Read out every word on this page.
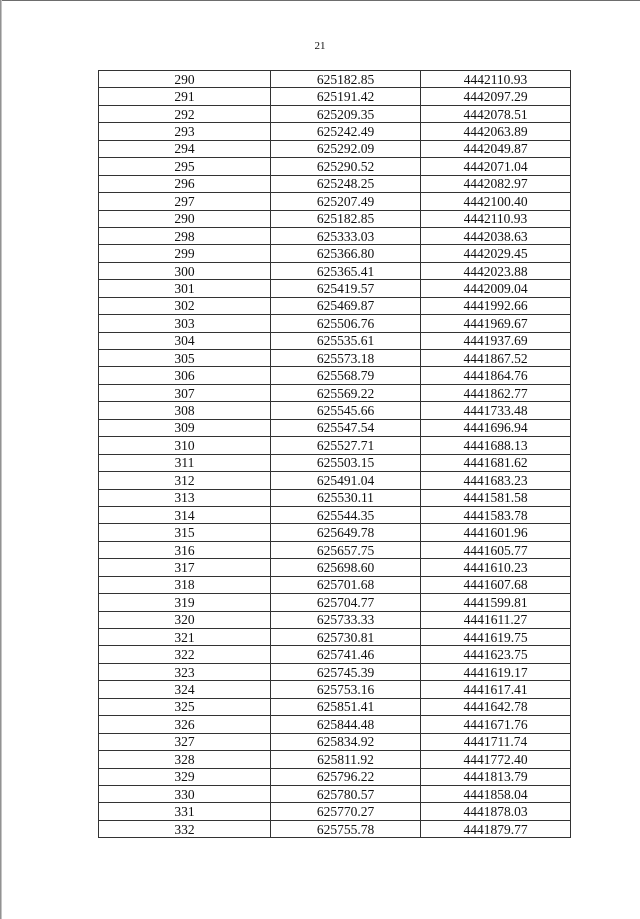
21
290	625182.85	4442110.93
291	625191.42	4442097.29
292	625209.35	4442078.51
293	625242.49	4442063.89
294	625292.09	4442049.87
295	625290.52	4442071.04
296	625248.25	4442082.97
297	625207.49	4442100.40
290	625182.85	4442110.93
298	625333.03	4442038.63
299	625366.80	4442029.45
300	625365.41	4442023.88
301	625419.57	4442009.04
302	625469.87	4441992.66
303	625506.76	4441969.67
304	625535.61	4441937.69
305	625573.18	4441867.52
306	625568.79	4441864.76
307	625569.22	4441862.77
308	625545.66	4441733.48
309	625547.54	4441696.94
310	625527.71	4441688.13
311	625503.15	4441681.62
312	625491.04	4441683.23
313	625530.11	4441581.58
314	625544.35	4441583.78
315	625649.78	4441601.96
316	625657.75	4441605.77
317	625698.60	4441610.23
318	625701.68	4441607.68
319	625704.77	4441599.81
320	625733.33	4441611.27
321	625730.81	4441619.75
322	625741.46	4441623.75
323	625745.39	4441619.17
324	625753.16	4441617.41
325	625851.41	4441642.78
326	625844.48	4441671.76
327	625834.92	4441711.74
328	625811.92	4441772.40
329	625796.22	4441813.79
330	625780.57	4441858.04
331	625770.27	4441878.03
332	625755.78	4441879.77
